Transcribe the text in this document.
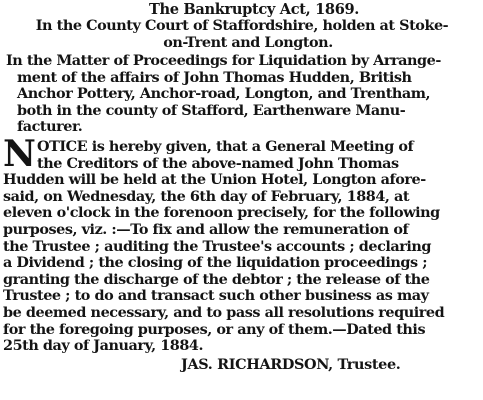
The Bankruptcy Act, 1869.
In the County Court of Staffordshire, holden at Stoke-
on-Trent and Longton.
In the Matter of Proceedings for Liquidation by Arrange-
ment of the affairs of John Thomas Hudden, British
Anchor Pottery, Anchor-road, Longton, and Trentham,
both in the county of Stafford, Earthenware Manu-
facturer.
N OTICE is hereby given, that a General Meeting of
the Creditors of the above-named John Thomas
Hudden will be held at the Union Hotel, Longton afore-
said, on Wednesday, the 6th day of February, 1884, at
eleven o'clock in the forenoon precisely, for the following
purposes, viz. :—To fix and allow the remuneration of
the Trustee ; auditing the Trustee's accounts ; declaring
a Dividend ; the closing of the liquidation proceedings ;
granting the discharge of the debtor ; the release of the
Trustee ; to do and transact such other business as may
be deemed necessary, and to pass all resolutions required
for the foregoing purposes, or any of them.—Dated this
25th day of January, 1884.
JAS. RICHARDSON, Trustee.
